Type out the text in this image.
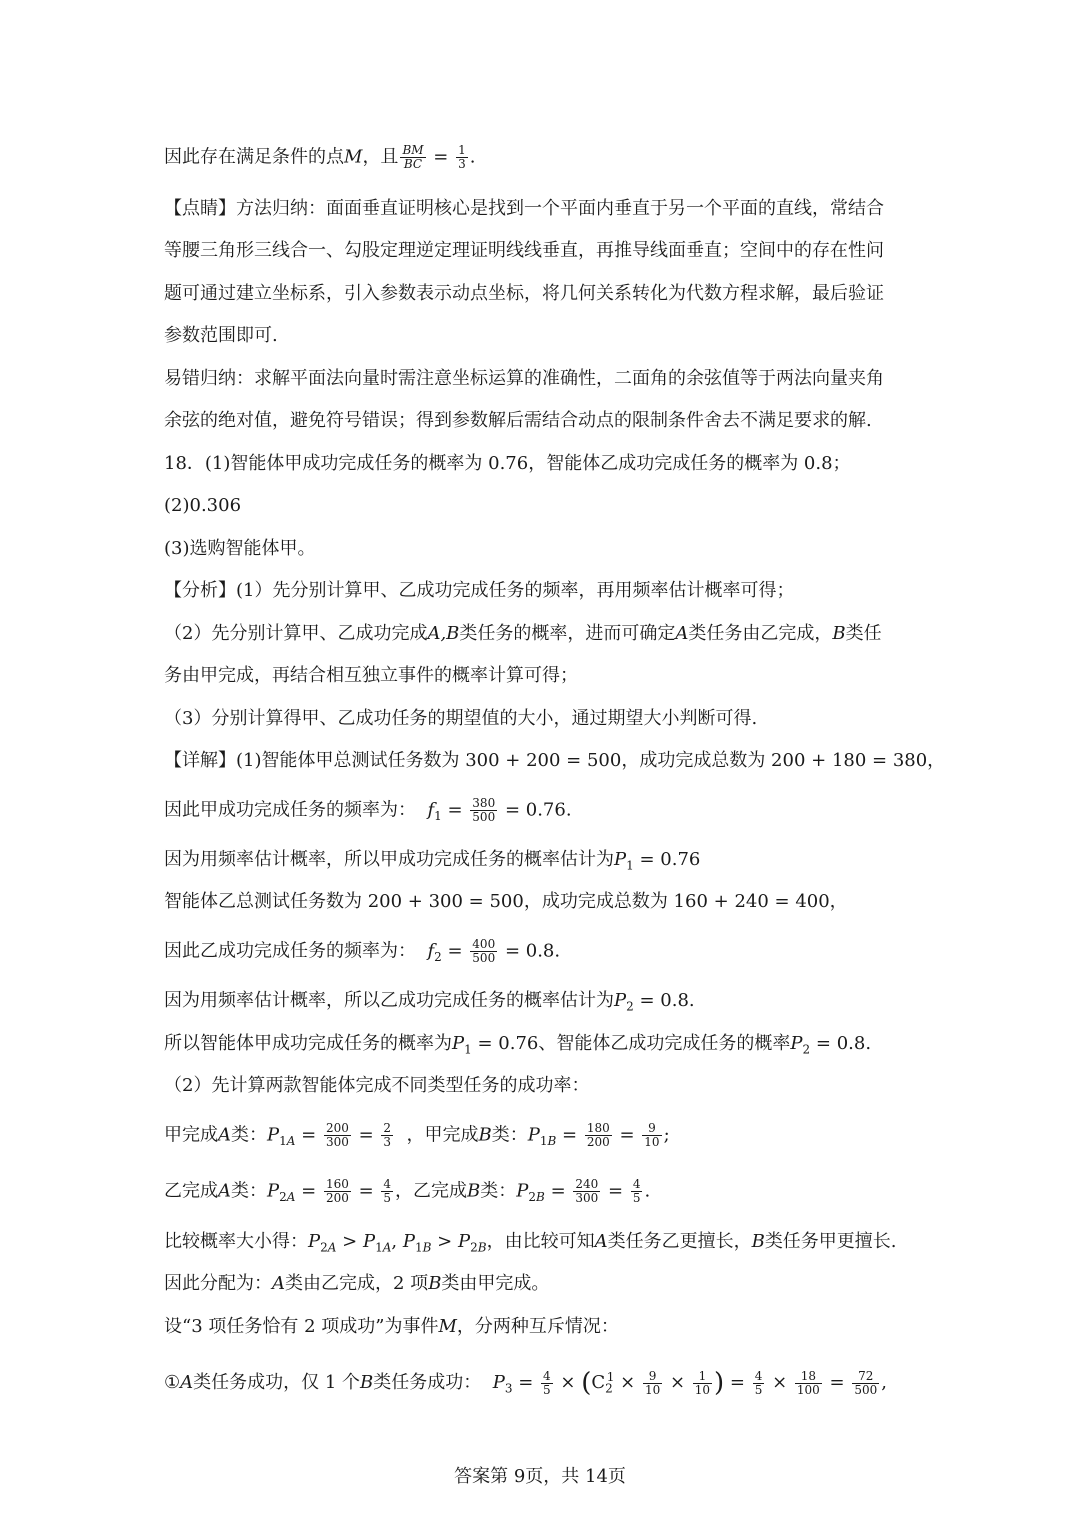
因此存在满足条件的点M，且 $\frac{BM}{BC} = \frac{1}{3}$ .
【点睛】方法归纳：面面垂直证明核心是找到一个平面内垂直于另一个平面的直线，常结合
等腰三角形三线合一、勾股定理逆定理证明线线垂直，再推导线面垂直；空间中的存在性问
题可通过建立坐标系，引入参数表示动点坐标，将几何关系转化为代数方程求解，最后验证
参数范围即可.
易错归纳：求解平面法向量时需注意坐标运算的准确性，二面角的余弦值等于两法向量夹角
余弦的绝对值，避免符号错误；得到参数解后需结合动点的限制条件舍去不满足要求的解.
18．(1)智能体甲成功完成任务的概率为 0.76，智能体乙成功完成任务的概率为 0.8；
(2)0.306
(3)选购智能体甲。
【分析】(1）先分别计算甲、乙成功完成任务的频率，再用频率估计概率可得；
（2）先分别计算甲、乙成功完成A,B类任务的概率，进而可确定A类任务由乙完成，B类任
务由甲完成，再结合相互独立事件的概率计算可得；
（3）分别计算得甲、乙成功任务的期望值的大小，通过期望大小判断可得.
【详解】(1)智能体甲总测试任务数为 300 + 200 = 500，成功完成总数为 200 + 180 = 380，
因此甲成功完成任务的频率为： $f_1 = \frac{380}{500} = 0.76$.
因为用频率估计概率，所以甲成功完成任务的概率估计为$P_1 = 0.76$
智能体乙总测试任务数为 200 + 300 = 500，成功完成总数为 160 + 240 = 400，
因此乙成功完成任务的频率为： $f_2 = \frac{400}{500} = 0.8$.
因为用频率估计概率，所以乙成功完成任务的概率估计为$P_2 = 0.8$.
所以智能体甲成功完成任务的概率为$P_1 = 0.76$、智能体乙成功完成任务的概率$P_2 = 0.8$.
（2）先计算两款智能体完成不同类型任务的成功率：
甲完成A类：$P_{1A} = \frac{200}{300} = \frac{2}{3}$ ，甲完成B类：$P_{1B} = \frac{180}{200} = \frac{9}{10}$ ;
乙完成A类：$P_{2A} = \frac{160}{200} = \frac{4}{5}$ ，乙完成B类：$P_{2B} = \frac{240}{300} = \frac{4}{5}$ .
比较概率大小得：$P_{2A} > P_{1A}$, $P_{1B} > P_{2B}$，由比较可知A类任务乙更擅长，B类任务甲更擅长.
因此分配为：A类由乙完成，2 项B类由甲完成。
设“3 项任务恰有 2 项成功”为事件M，分两种互斥情况：
①A类任务成功，仅 1 个B类任务成功： $P_3 = \frac{4}{5} \times (C_2^1 \times \frac{9}{10} \times \frac{1}{10}$ ) = $\frac{4}{5} \times \frac{18}{100} = \frac{72}{500}$ ,
答案第 9页，共 14页
